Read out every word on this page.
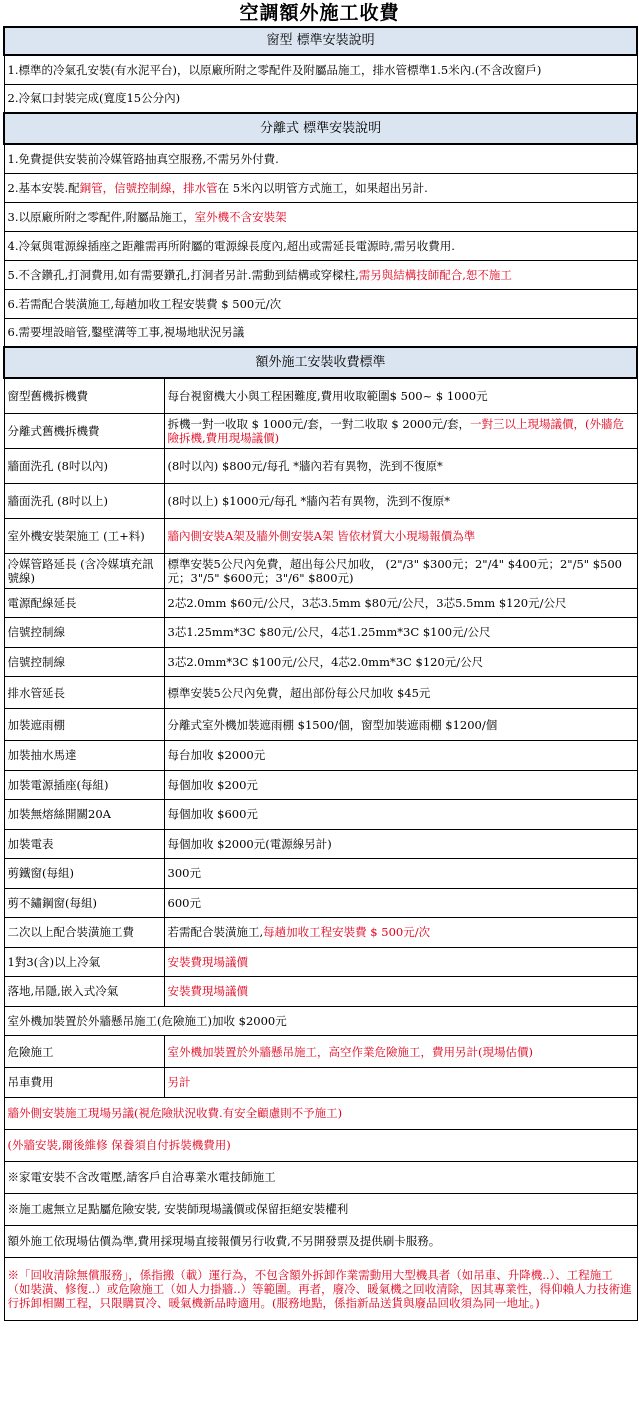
空調額外施工收費
窗型 標準安裝說明	
1.標準的冷氣孔安裝(有水泥平台)，以原廠所附之零配件及附屬品施工，排水管標準1.5米內.(不含改窗戶)	
2.冷氣口封裝完成(寬度15公分內)	
分離式 標準安裝說明	
1.免費提供安裝前冷媒管路抽真空服務,不需另外付費.	
2.基本安裝.配銅管，信號控制線，排水管在 5米內以明管方式施工，如果超出另計.	
3.以原廠所附之零配件,附屬品施工，室外機不含安裝架	
4.冷氣與電源線插座之距離需再所附屬的電源線長度內,超出或需延長電源時,需另收費用.	
5.不含鑽孔,打洞費用,如有需要鑽孔,打洞者另計.需動到結構或穿樑柱,需另與結構技師配合,恕不施工	
6.若需配合裝潢施工,每趟加收工程安裝費 $ 500元/次	
6.需要埋設暗管,鑿壁溝等工事,視場地狀況另議	
額外施工安裝收費標準	
窗型舊機拆機費	每台視窗機大小與工程困難度,費用收取範圍$ 500~ $ 1000元
分離式舊機拆機費	拆機一對一收取 $ 1000元/套，一對二收取 $ 2000元/套，一對三以上現場議價，(外牆危險拆機,費用現場議價)
牆面洗孔 (8吋以內)	(8吋以內) $800元/每孔 *牆內若有異物，洗到不復原*
牆面洗孔 (8吋以上)	(8吋以上) $1000元/每孔 *牆內若有異物，洗到不復原*
室外機安裝架施工 (工+料)	牆內側安裝A架及牆外側安裝A架 皆依材質大小現場報價為準
冷媒管路延長 (含冷媒填充訊號線)	標準安裝5公尺內免費，超出每公尺加收， (2"/3" $300元；2"/4" $400元；2"/5" $500元；3"/5" $600元；3"/6" $800元)
電源配線延長	2芯2.0mm $60元/公尺，3芯3.5mm $80元/公尺，3芯5.5mm $120元/公尺
信號控制線	3芯1.25mm*3C $80元/公尺，4芯1.25mm*3C $100元/公尺
信號控制線	3芯2.0mm*3C $100元/公尺，4芯2.0mm*3C $120元/公尺
排水管延長	標準安裝5公尺內免費，超出部份每公尺加收 $45元
加裝遮雨棚	分離式室外機加裝遮雨棚 $1500/個，窗型加裝遮雨棚 $1200/個
加裝抽水馬達	每台加收 $2000元
加裝電源插座(每組)	每個加收 $200元
加裝無熔絲開關20A	每個加收 $600元
加裝電表	每個加收 $2000元(電源線另計)
剪鐵窗(每組)	300元
剪不鏽鋼窗(每組)	600元
二次以上配合裝潢施工費	若需配合裝潢施工,每趟加收工程安裝費 $ 500元/次
1對3(含)以上冷氣	安裝費現場議價
落地,吊隱,嵌入式冷氣	安裝費現場議價
室外機加裝置於外牆懸吊施工(危險施工)加收 $2000元	
危險施工	室外機加裝置於外牆懸吊施工，高空作業危險施工，費用另計(現場估價)
吊車費用	另計
牆外側安裝施工現場另議(視危險狀況收費.有安全顧慮則不予施工)	
(外牆安裝,爾後維修 保養須自付拆裝機費用)	
※家電安裝不含改電壓,請客戶自洽專業水電技師施工	
※施工處無立足點屬危險安裝, 安裝師現場議價或保留拒絕安裝權利	
額外施工依現場估價為準,費用採現場直接報價另行收費,不另開發票及提供刷卡服務。	
※「回收清除無償服務」，係指搬（載）運行為，不包含額外拆卸作業需動用大型機具者（如吊車、升降機..）、工程施工（如裝潢、修復..）或危險施工（如人力掛牆..）等範圍。再者，廢冷、暖氣機之回收清除，因其專業性，得仰賴人力技術進行拆卸相關工程，只限購買冷、暖氣機新品時適用。(服務地點，係指新品送貨與廢品回收須為同一地址。)	
